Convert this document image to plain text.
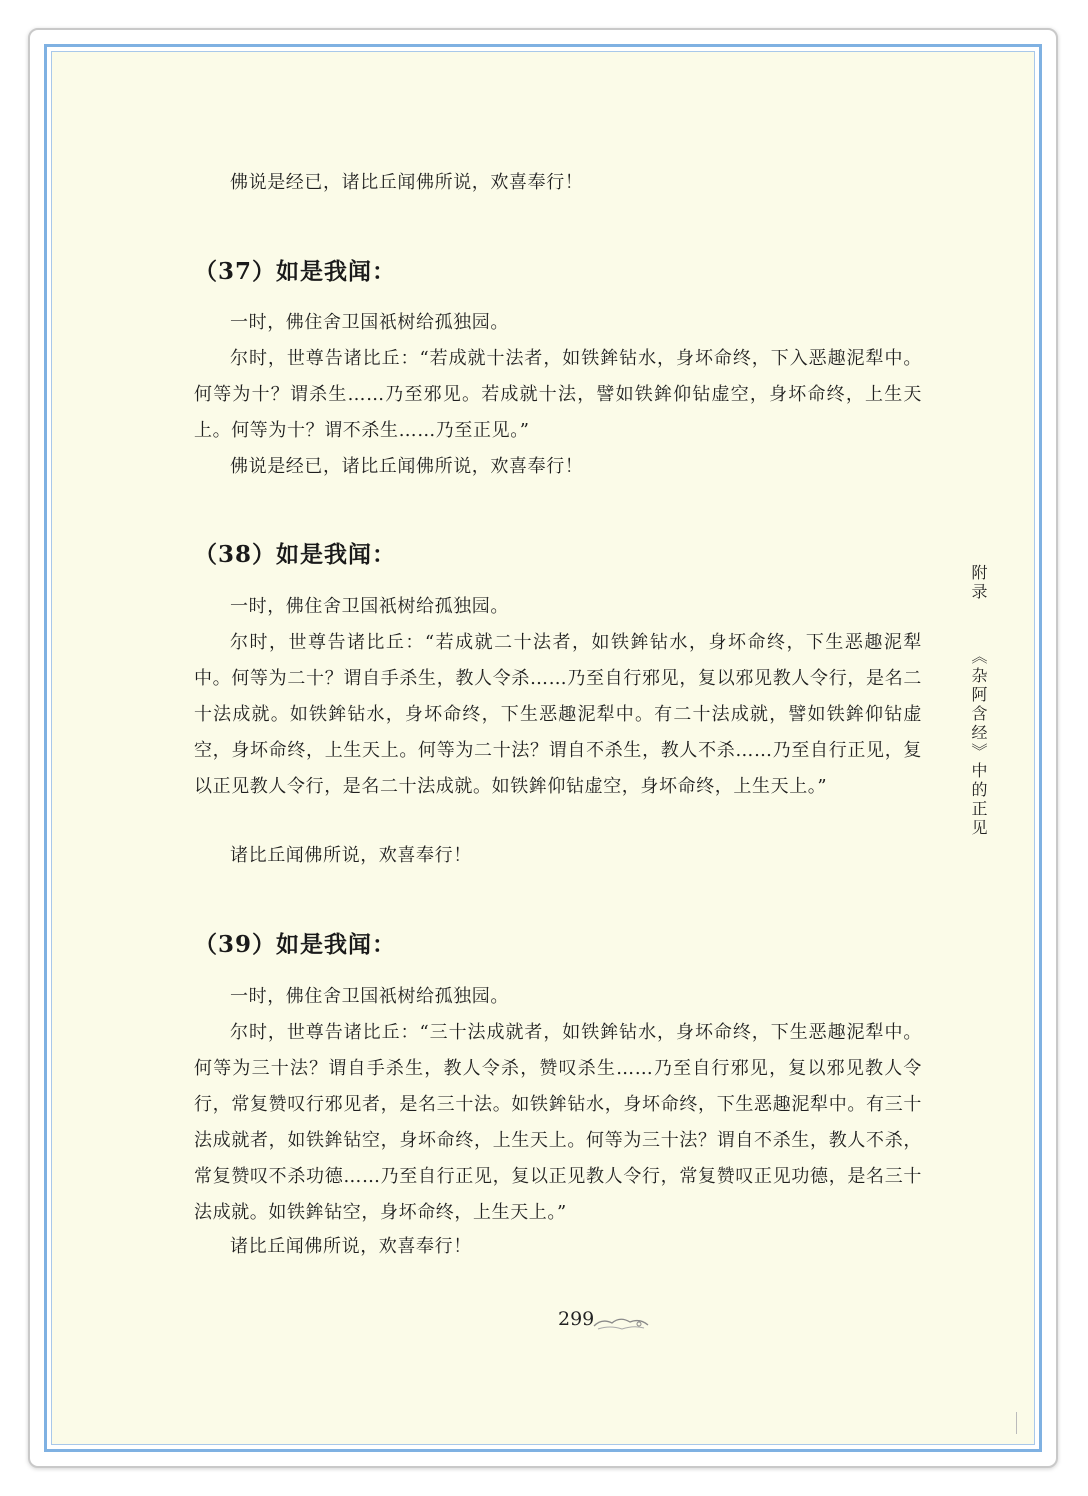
佛说是经已，诸比丘闻佛所说，欢喜奉行！

（37）如是我闻：

一时，佛住舍卫国祇树给孤独园。

尔时，世尊告诸比丘：“若成就十法者，如铁鉾钻水，身坏命终，下入恶趣泥犁中。何等为十？谓杀生……乃至邪见。若成就十法，譬如铁鉾仰钻虚空，身坏命终，上生天上。何等为十？谓不杀生……乃至正见。”

佛说是经已，诸比丘闻佛所说，欢喜奉行！

（38）如是我闻：

一时，佛住舍卫国祇树给孤独园。

尔时，世尊告诸比丘：“若成就二十法者，如铁鉾钻水，身坏命终，下生恶趣泥犁中。何等为二十？谓自手杀生，教人令杀……乃至自行邪见，复以邪见教人令行，是名二十法成就。如铁鉾钻水，身坏命终，下生恶趣泥犁中。有二十法成就，譬如铁鉾仰钻虚空，身坏命终，上生天上。何等为二十法？谓自不杀生，教人不杀……乃至自行正见，复以正见教人令行，是名二十法成就。如铁鉾仰钻虚空，身坏命终，上生天上。”

诸比丘闻佛所说，欢喜奉行！

（39）如是我闻：

一时，佛住舍卫国祇树给孤独园。

尔时，世尊告诸比丘：“三十法成就者，如铁鉾钻水，身坏命终，下生恶趣泥犁中。何等为三十法？谓自手杀生，教人令杀，赞叹杀生……乃至自行邪见，复以邪见教人令行，常复赞叹行邪见者，是名三十法。如铁鉾钻水，身坏命终，下生恶趣泥犁中。有三十法成就者，如铁鉾钻空，身坏命终，上生天上。何等为三十法？谓自不杀生，教人不杀，常复赞叹不杀功德……乃至自行正见，复以正见教人令行，常复赞叹正见功德，是名三十法成就。如铁鉾钻空，身坏命终，上生天上。”

诸比丘闻佛所说，欢喜奉行！

附录《杂阿含经》中的正见
299
